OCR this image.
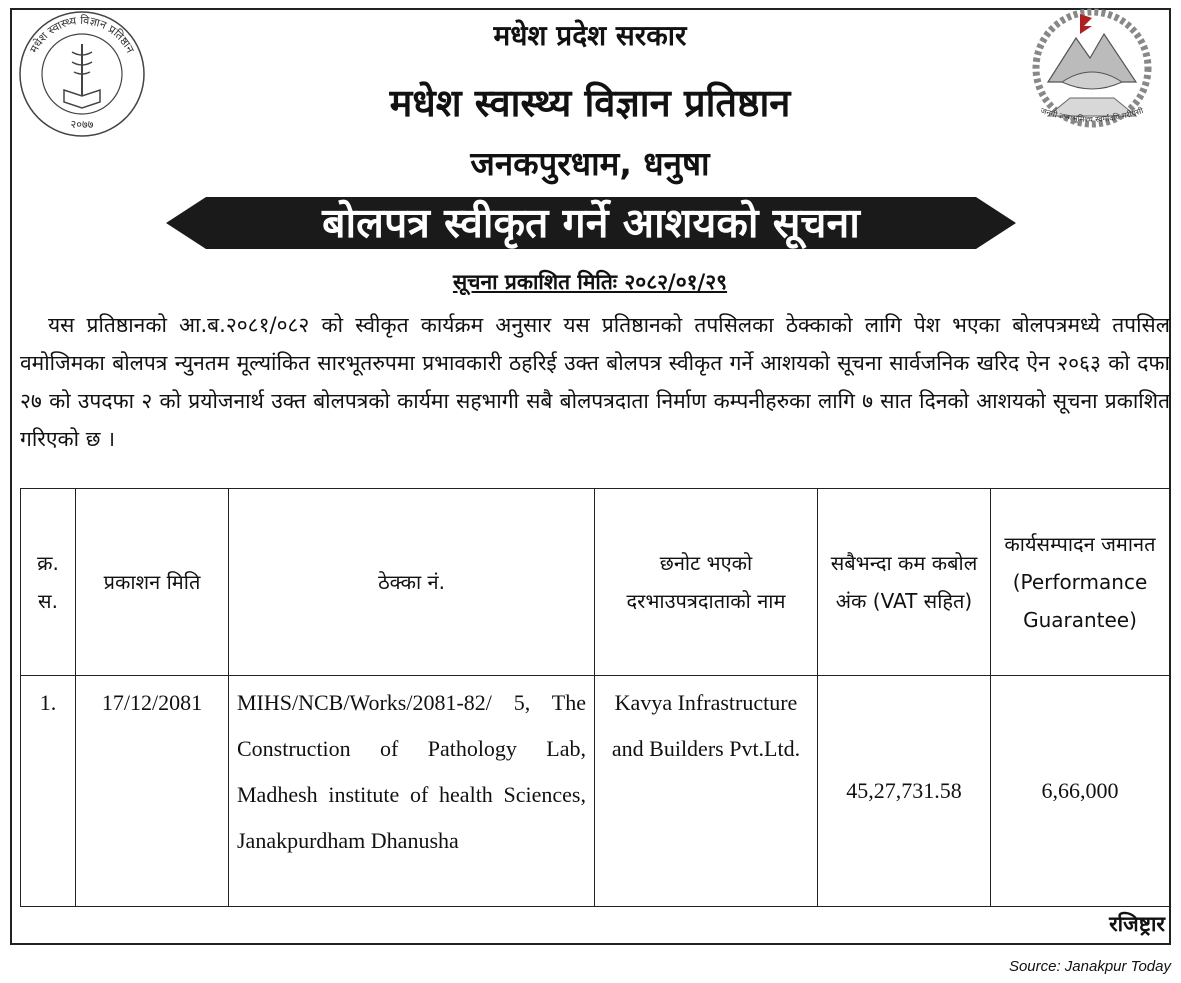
मधेश स्वास्थ्य विज्ञान प्रतिष्ठान
२०७७
जननी जन्मभूमिश्च स्वर्गादपि गरीयसी
मधेश प्रदेश सरकार
मधेश स्वास्थ्य विज्ञान प्रतिष्ठान
जनकपुरधाम, धनुषा
बोलपत्र स्वीकृत गर्ने आशयको सूचना
सूचना प्रकाशित मितिः २०८२/०१/२९
यस प्रतिष्ठानको आ.ब.२०८१/०८२ को स्वीकृत कार्यक्रम अनुसार यस प्रतिष्ठानको तपसिलका ठेक्काको लागि पेश भएका बोलपत्रमध्ये तपसिल वमोजिमका बोलपत्र न्युनतम मूल्यांकित सारभूतरुपमा प्रभावकारी ठहरिई उक्त बोलपत्र स्वीकृत गर्ने आशयको सूचना सार्वजनिक खरिद ऐन २०६३ को दफा २७ को उपदफा २ को प्रयोजनार्थ उक्त बोलपत्रको कार्यमा सहभागी सबै बोलपत्रदाता निर्माण कम्पनीहरुका लागि ७ सात दिनको आशयको सूचना प्रकाशित गरिएको छ ।
क्र. स.	प्रकाशन मिति	ठेक्का नं.	छनोट भएको दरभाउपत्रदाताको नाम	सबैभन्दा कम कबोल अंक (VAT सहित)	कार्यसम्पादन जमानत (Performance Guarantee)
1.	17/12/2081	MIHS/NCB/Works/2081-82/ 5, The Construction of Pathology Lab, Madhesh institute of health Sciences, Janakpurdham Dhanusha	Kavya Infrastructure and Builders Pvt.Ltd.	45,27,731.58	6,66,000
रजिष्ट्रार
Source: Janakpur Today
